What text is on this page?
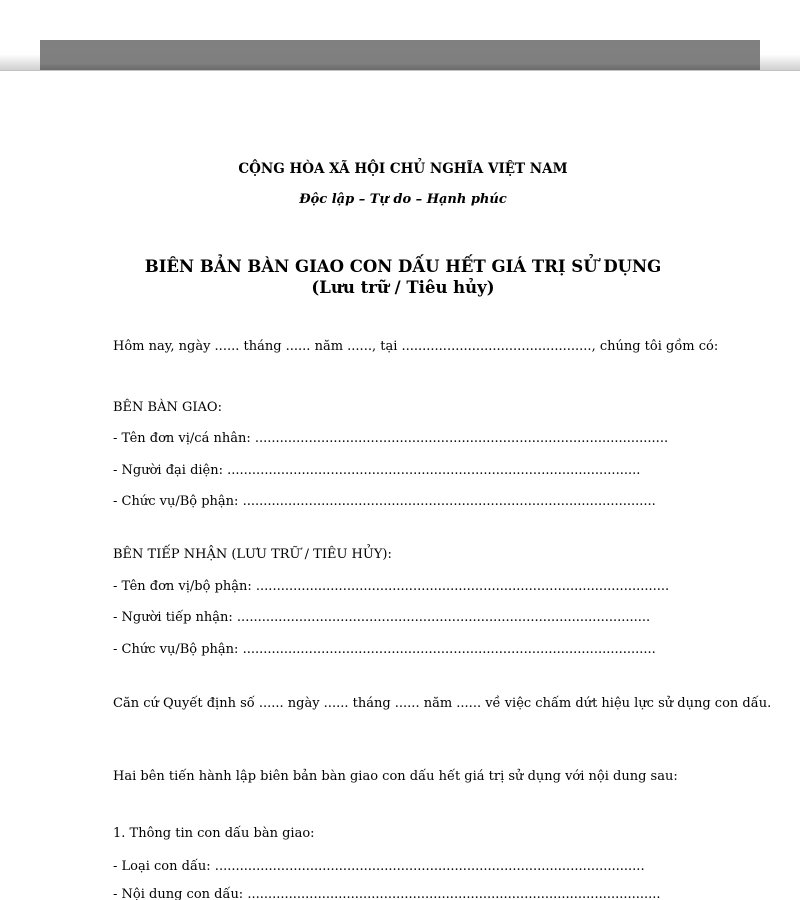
CỘNG HÒA XÃ HỘI CHỦ NGHĨA VIỆT NAM

Độc lập – Tự do – Hạnh phúc

BIÊN BẢN BÀN GIAO CON DẤU HẾT GIÁ TRỊ SỬ DỤNG

(Lưu trữ / Tiêu hủy)

Hôm nay, ngày ...... tháng ...... năm ......, tại .............................................., chúng tôi gồm có:

BÊN BÀN GIAO:

- Tên đơn vị/cá nhân: ....................................................................................................

- Người đại diện: ....................................................................................................

- Chức vụ/Bộ phận: ....................................................................................................

BÊN TIẾP NHẬN (LƯU TRỮ / TIÊU HỦY):

- Tên đơn vị/bộ phận: ....................................................................................................

- Người tiếp nhận: ....................................................................................................

- Chức vụ/Bộ phận: ....................................................................................................

Căn cứ Quyết định số ...... ngày ...... tháng ...... năm ...... về việc chấm dứt hiệu lực sử dụng con dấu.

Hai bên tiến hành lập biên bản bàn giao con dấu hết giá trị sử dụng với nội dung sau:

1. Thông tin con dấu bàn giao:

- Loại con dấu: ........................................................................................................

- Nội dung con dấu: ....................................................................................................
